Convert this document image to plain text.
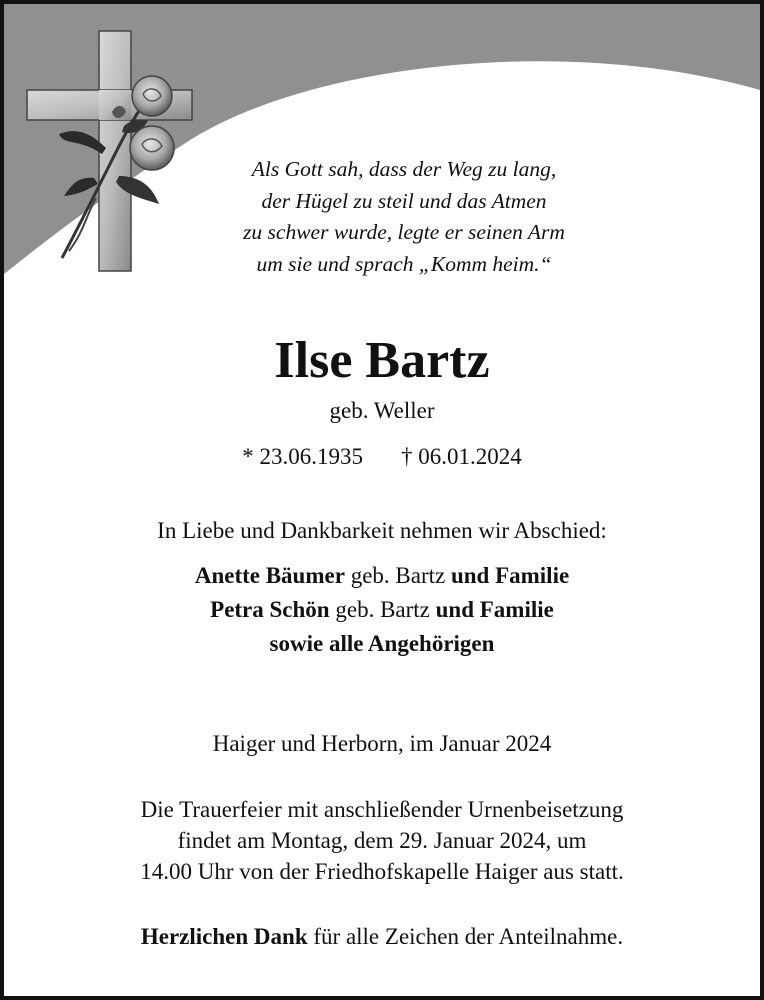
Als Gott sah, dass der Weg zu lang,
der Hügel zu steil und das Atmen
zu schwer wurde, legte er seinen Arm
um sie und sprach „Komm heim.“
Ilse Bartz
geb. Weller
* 23.06.1935 † 06.01.2024
In Liebe und Dankbarkeit nehmen wir Abschied:
Anette Bäumer geb. Bartz und Familie
Petra Schön geb. Bartz und Familie
sowie alle Angehörigen
Haiger und Herborn, im Januar 2024
Die Trauerfeier mit anschließender Urnenbeisetzung
findet am Montag, dem 29. Januar 2024, um
14.00 Uhr von der Friedhofskapelle Haiger aus statt.
Herzlichen Dank für alle Zeichen der Anteilnahme.
